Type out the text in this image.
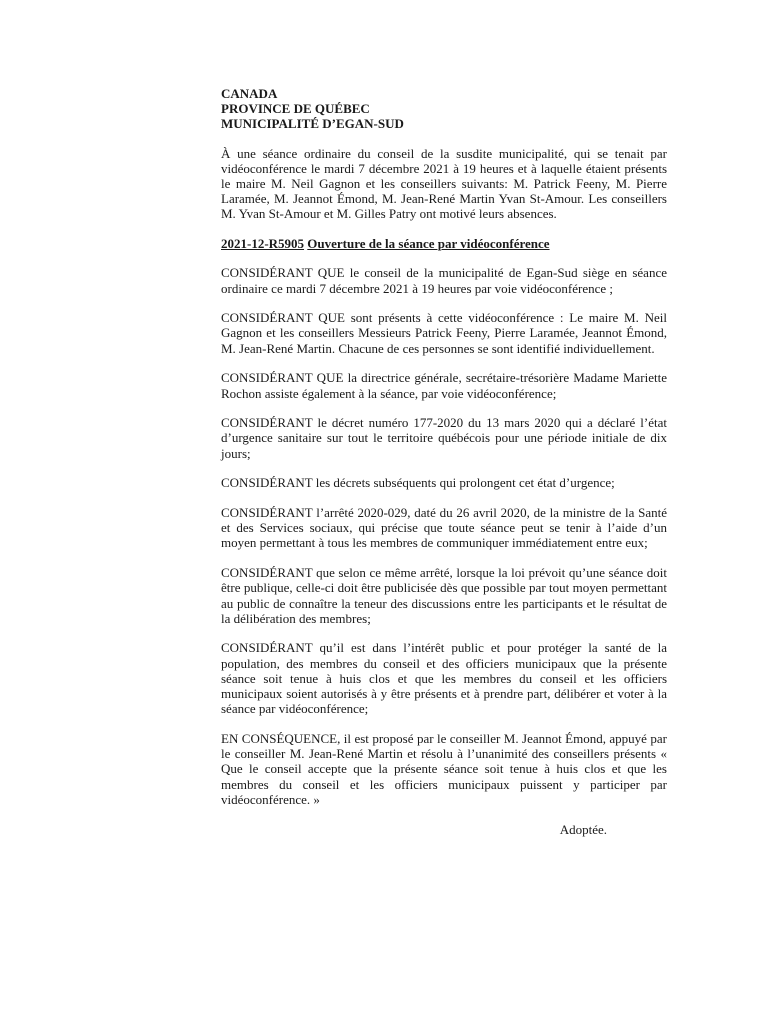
CANADA
PROVINCE DE QUÉBEC
MUNICIPALITÉ D’EGAN-SUD

À une séance ordinaire du conseil de la susdite municipalité, qui se tenait par vidéoconférence le mardi 7 décembre 2021 à 19 heures et à laquelle étaient présents le maire M. Neil Gagnon et les conseillers suivants: M. Patrick Feeny, M. Pierre Laramée, M. Jeannot Émond, M. Jean-René Martin Yvan St-Amour. Les conseillers M. Yvan St-Amour et M. Gilles Patry ont motivé leurs absences.

2021-12-R5905 Ouverture de la séance par vidéoconférence

CONSIDÉRANT QUE le conseil de la municipalité de Egan-Sud siège en séance ordinaire ce mardi 7 décembre 2021 à 19 heures par voie vidéoconférence ;

CONSIDÉRANT QUE sont présents à cette vidéoconférence : Le maire M. Neil Gagnon et les conseillers Messieurs Patrick Feeny, Pierre Laramée, Jeannot Émond, M. Jean-René Martin. Chacune de ces personnes se sont identifié individuellement.

CONSIDÉRANT QUE la directrice générale, secrétaire-trésorière Madame Mariette Rochon assiste également à la séance, par voie vidéoconférence;

CONSIDÉRANT le décret numéro 177-2020 du 13 mars 2020 qui a déclaré l’état d’urgence sanitaire sur tout le territoire québécois pour une période initiale de dix jours;

CONSIDÉRANT les décrets subséquents qui prolongent cet état d’urgence;

CONSIDÉRANT l’arrêté 2020-029, daté du 26 avril 2020, de la ministre de la Santé et des Services sociaux, qui précise que toute séance peut se tenir à l’aide d’un moyen permettant à tous les membres de communiquer immédiatement entre eux;

CONSIDÉRANT que selon ce même arrêté, lorsque la loi prévoit qu’une séance doit être publique, celle-ci doit être publicisée dès que possible par tout moyen permettant au public de connaître la teneur des discussions entre les participants et le résultat de la délibération des membres;

CONSIDÉRANT qu’il est dans l’intérêt public et pour protéger la santé de la population, des membres du conseil et des officiers municipaux que la présente séance soit tenue à huis clos et que les membres du conseil et les officiers municipaux soient autorisés à y être présents et à prendre part, délibérer et voter à la séance par vidéoconférence;

EN CONSÉQUENCE, il est proposé par le conseiller M. Jeannot Émond, appuyé par le conseiller M. Jean-René Martin et résolu à l’unanimité des conseillers présents « Que le conseil accepte que la présente séance soit tenue à huis clos et que les membres du conseil et les officiers municipaux puissent y participer par vidéoconférence. »

Adoptée.
